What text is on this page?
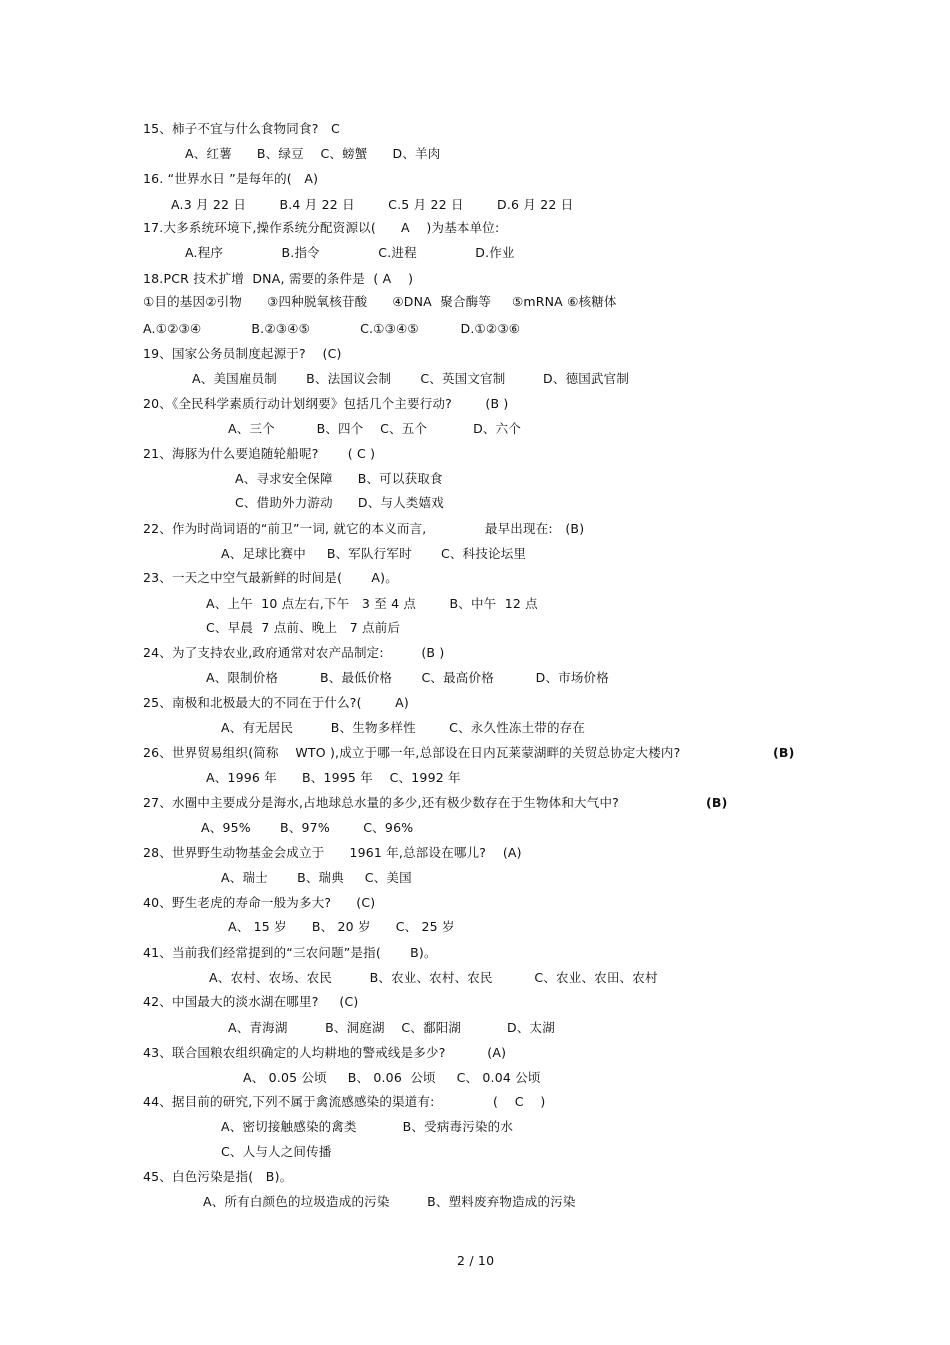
15、柿子不宜与什么食物同食?   C
A、红薯      B、绿豆    C、螃蟹      D、羊肉
16. “世界水日 ”是每年的(   A)
A.3 月 22 日        B.4 月 22 日        C.5 月 22 日        D.6 月 22 日
17.大多系统环境下,操作系统分配资源以(      A    )为基本单位:
A.程序              B.指令              C.进程              D.作业
18.PCR 技术扩增  DNA, 需要的条件是  ( A    )
①目的基因②引物      ③四种脱氧核苷酸      ④DNA  聚合酶等     ⑤mRNA ⑥核糖体
A.①②③④            B.②③④⑤            C.①③④⑤          D.①②③⑥
19、国家公务员制度起源于?    (C)
A、美国雇员制       B、法国议会制       C、英国文官制         D、德国武官制
20、《全民科学素质行动计划纲要》包括几个主要行动?        (B )
A、三个          B、四个    C、五个           D、六个
21、海豚为什么要追随轮船呢?       ( C )
A、寻求安全保障      B、可以获取食
C、借助外力游动      D、与人类嬉戏
22、作为时尚词语的“前卫”一词, 就它的本义而言,              最早出现在:   (B)
A、足球比赛中     B、军队行军时       C、科技论坛里
23、一天之中空气最新鲜的时间是(       A)。
A、上午  10 点左右,下午   3 至 4 点        B、中午  12 点
C、早晨  7 点前、晚上   7 点前后
24、为了支持农业,政府通常对农产品制定:         (B )
A、限制价格          B、最低价格       C、最高价格          D、市场价格
25、南极和北极最大的不同在于什么?(        A)
A、有无居民         B、生物多样性        C、永久性冻土带的存在
26、世界贸易组织(简称    WTO ),成立于哪一年,总部设在日内瓦莱蒙湖畔的关贸总协定大楼内?	(B)
A、1996 年      B、1995 年    C、1992 年
27、水圈中主要成分是海水,占地球总水量的多少,还有极少数存在于生物体和大气中?	(B)
A、95%       B、97%        C、96%
28、世界野生动物基金会成立于      1961 年,总部设在哪儿?    (A)
A、瑞士       B、瑞典     C、美国
40、野生老虎的寿命一般为多大?      (C)
A、 15 岁      B、 20 岁      C、 25 岁
41、当前我们经常提到的“三农问题”是指(       B)。
A、农村、农场、农民         B、农业、农村、农民          C、农业、农田、农村
42、中国最大的淡水湖在哪里?     (C)
A、青海湖         B、洞庭湖    C、鄱阳湖           D、太湖
43、联合国粮农组织确定的人均耕地的警戒线是多少?          (A)
A、 0.05 公顷     B、 0.06  公顷     C、 0.04 公顷
44、据目前的研究,下列不属于禽流感感染的渠道有:              (    C    )
A、密切接触感染的禽类           B、受病毒污染的水
C、人与人之间传播
45、白色污染是指(   B)。
A、所有白颜色的垃圾造成的污染         B、塑料废弃物造成的污染
2 / 10
